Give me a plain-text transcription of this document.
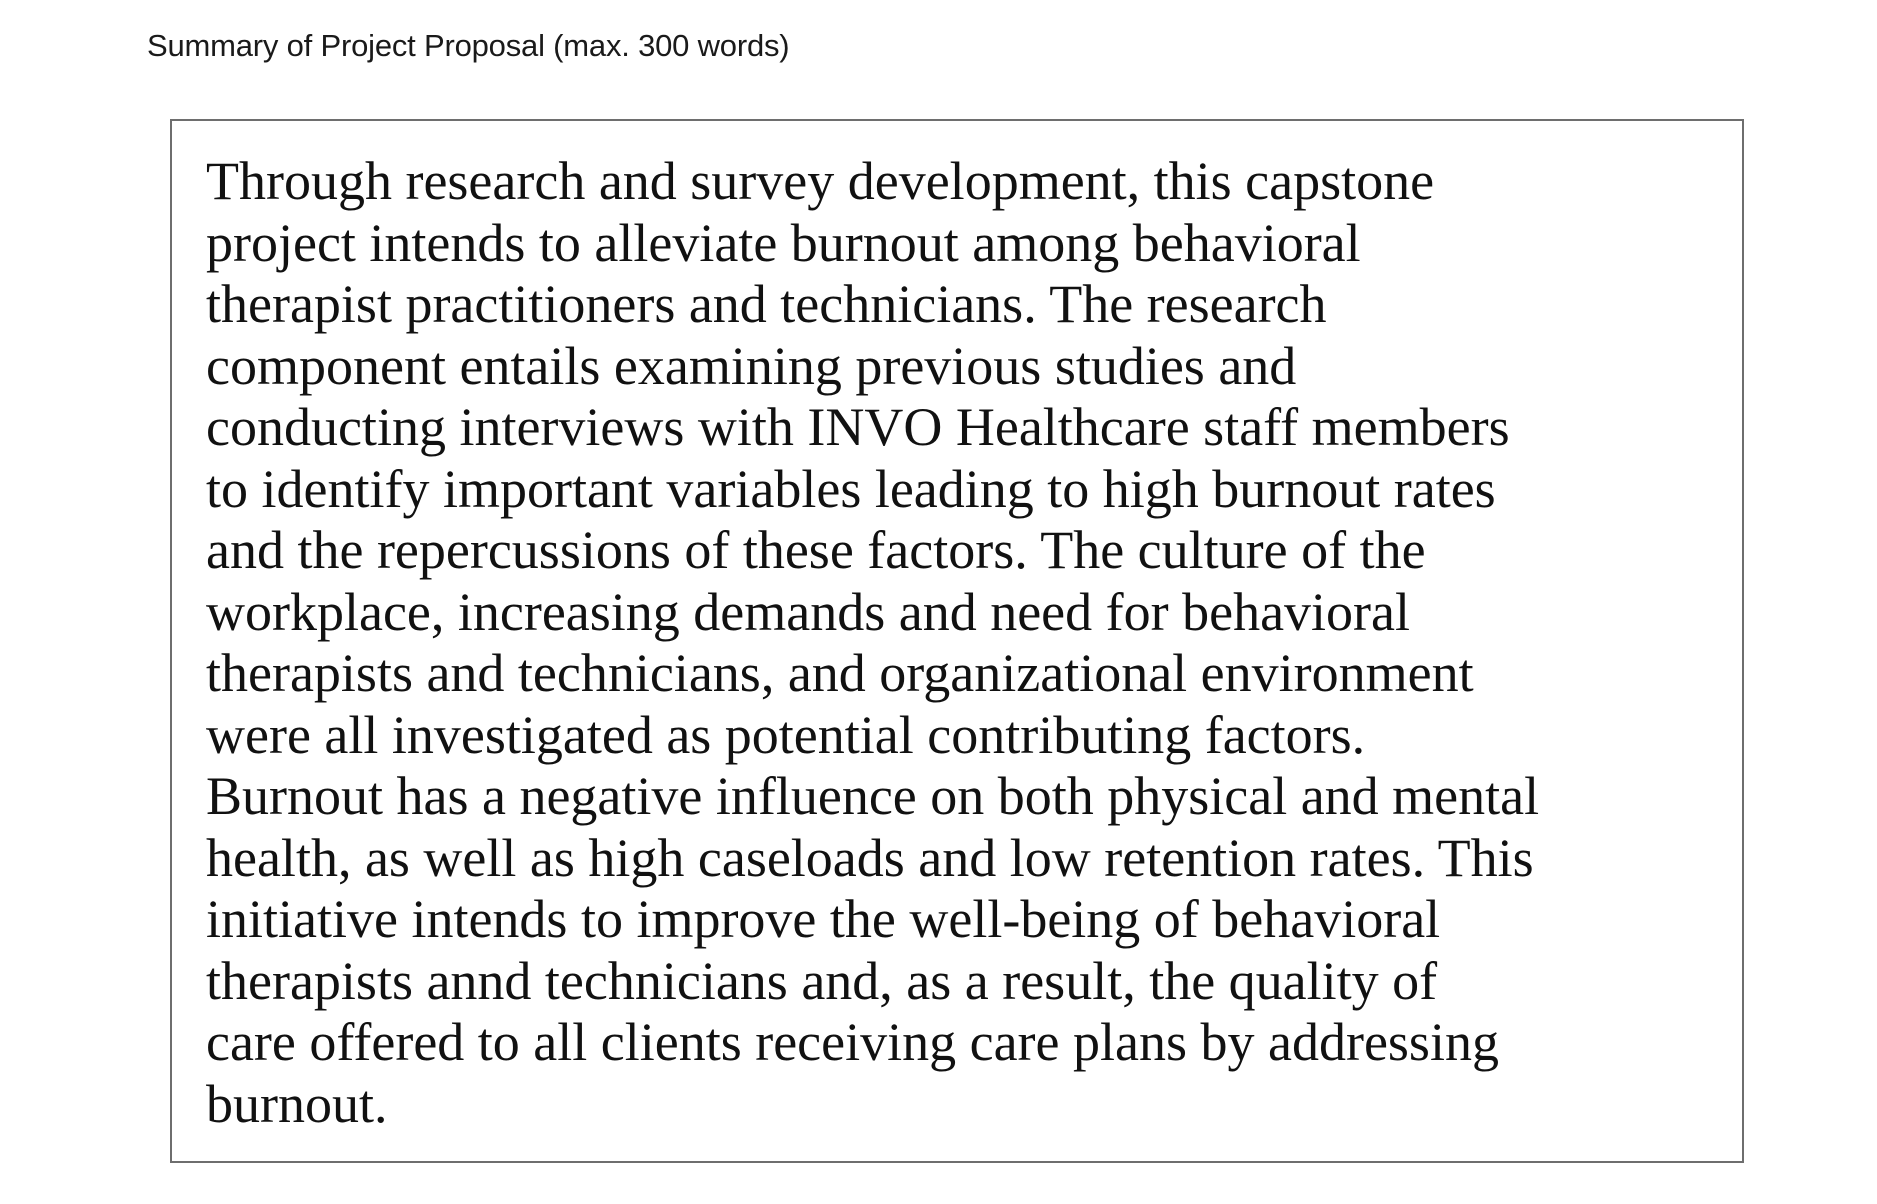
Summary of Project Proposal (max. 300 words)
Through research and survey development, this capstone
project intends to alleviate burnout among behavioral
therapist practitioners and technicians. The research
component entails examining previous studies and
conducting interviews with INVO Healthcare staff members
to identify important variables leading to high burnout rates
and the repercussions of these factors. The culture of the
workplace, increasing demands and need for behavioral
therapists and technicians, and organizational environment
were all investigated as potential contributing factors.
Burnout has a negative influence on both physical and mental
health, as well as high caseloads and low retention rates. This
initiative intends to improve the well-being of behavioral
therapists annd technicians and, as a result, the quality of
care offered to all clients receiving care plans by addressing
burnout.
